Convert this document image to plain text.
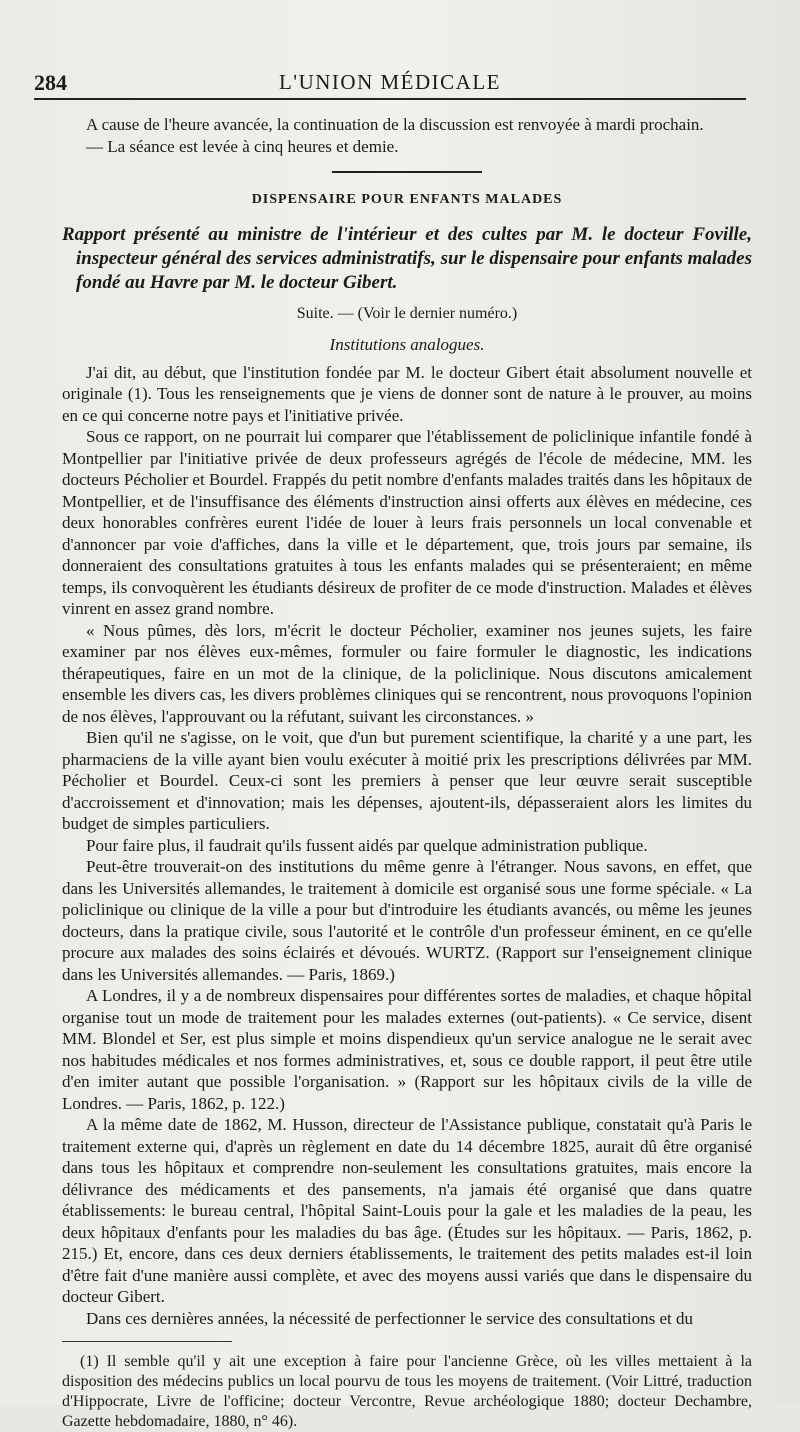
284	L'UNION MÉDICALE

A cause de l'heure avancée, la continuation de la discussion est renvoyée à mardi prochain.

— La séance est levée à cinq heures et demie.

DISPENSAIRE POUR ENFANTS MALADES

Rapport présenté au ministre de l'intérieur et des cultes par M. le docteur Foville, inspecteur général des services administratifs, sur le dispensaire pour enfants malades fondé au Havre par M. le docteur Gibert.

Suite. — (Voir le dernier numéro.)
Institutions analogues.

J'ai dit, au début, que l'institution fondée par M. le docteur Gibert était absolument nouvelle et originale (1). Tous les renseignements que je viens de donner sont de nature à le prouver, au moins en ce qui concerne notre pays et l'initiative privée.

Sous ce rapport, on ne pourrait lui comparer que l'établissement de policlinique infantile fondé à Montpellier par l'initiative privée de deux professeurs agrégés de l'école de médecine, MM. les docteurs Pécholier et Bourdel. Frappés du petit nombre d'enfants malades traités dans les hôpitaux de Montpellier, et de l'insuffisance des éléments d'instruction ainsi offerts aux élèves en médecine, ces deux honorables confrères eurent l'idée de louer à leurs frais personnels un local convenable et d'annoncer par voie d'affiches, dans la ville et le département, que, trois jours par semaine, ils donneraient des consultations gratuites à tous les enfants malades qui se présenteraient; en même temps, ils convoquèrent les étudiants désireux de profiter de ce mode d'instruction. Malades et élèves vinrent en assez grand nombre.

« Nous pûmes, dès lors, m'écrit le docteur Pécholier, examiner nos jeunes sujets, les faire examiner par nos élèves eux-mêmes, formuler ou faire formuler le diagnostic, les indications thérapeutiques, faire en un mot de la clinique, de la policlinique. Nous discutons amicalement ensemble les divers cas, les divers problèmes cliniques qui se rencontrent, nous provoquons l'opinion de nos élèves, l'approuvant ou la réfutant, suivant les circonstances. »

Bien qu'il ne s'agisse, on le voit, que d'un but purement scientifique, la charité y a une part, les pharmaciens de la ville ayant bien voulu exécuter à moitié prix les prescriptions délivrées par MM. Pécholier et Bourdel. Ceux-ci sont les premiers à penser que leur œuvre serait susceptible d'accroissement et d'innovation; mais les dépenses, ajoutent-ils, dépasseraient alors les limites du budget de simples particuliers.

Pour faire plus, il faudrait qu'ils fussent aidés par quelque administration publique.

Peut-être trouverait-on des institutions du même genre à l'étranger. Nous savons, en effet, que dans les Universités allemandes, le traitement à domicile est organisé sous une forme spéciale. « La policlinique ou clinique de la ville a pour but d'introduire les étudiants avancés, ou même les jeunes docteurs, dans la pratique civile, sous l'autorité et le contrôle d'un professeur éminent, en ce qu'elle procure aux malades des soins éclairés et dévoués. WURTZ. (Rapport sur l'enseignement clinique dans les Universités allemandes. — Paris, 1869.)

A Londres, il y a de nombreux dispensaires pour différentes sortes de maladies, et chaque hôpital organise tout un mode de traitement pour les malades externes (out-patients). « Ce service, disent MM. Blondel et Ser, est plus simple et moins dispendieux qu'un service analogue ne le serait avec nos habitudes médicales et nos formes administratives, et, sous ce double rapport, il peut être utile d'en imiter autant que possible l'organisation. » (Rapport sur les hôpitaux civils de la ville de Londres. — Paris, 1862, p. 122.)

A la même date de 1862, M. Husson, directeur de l'Assistance publique, constatait qu'à Paris le traitement externe qui, d'après un règlement en date du 14 décembre 1825, aurait dû être organisé dans tous les hôpitaux et comprendre non-seulement les consultations gratuites, mais encore la délivrance des médicaments et des pansements, n'a jamais été organisé que dans quatre établissements: le bureau central, l'hôpital Saint-Louis pour la gale et les maladies de la peau, les deux hôpitaux d'enfants pour les maladies du bas âge. (Études sur les hôpitaux. — Paris, 1862, p. 215.) Et, encore, dans ces deux derniers établissements, le traitement des petits malades est-il loin d'être fait d'une manière aussi complète, et avec des moyens aussi variés que dans le dispensaire du docteur Gibert.

Dans ces dernières années, la nécessité de perfectionner le service des consultations et du

(1) Il semble qu'il y ait une exception à faire pour l'ancienne Grèce, où les villes mettaient à la disposition des médecins publics un local pourvu de tous les moyens de traitement. (Voir Littré, traduction d'Hippocrate, Livre de l'officine; docteur Vercontre, Revue archéologique 1880; docteur Dechambre, Gazette hebdomadaire, 1880, n° 46).
